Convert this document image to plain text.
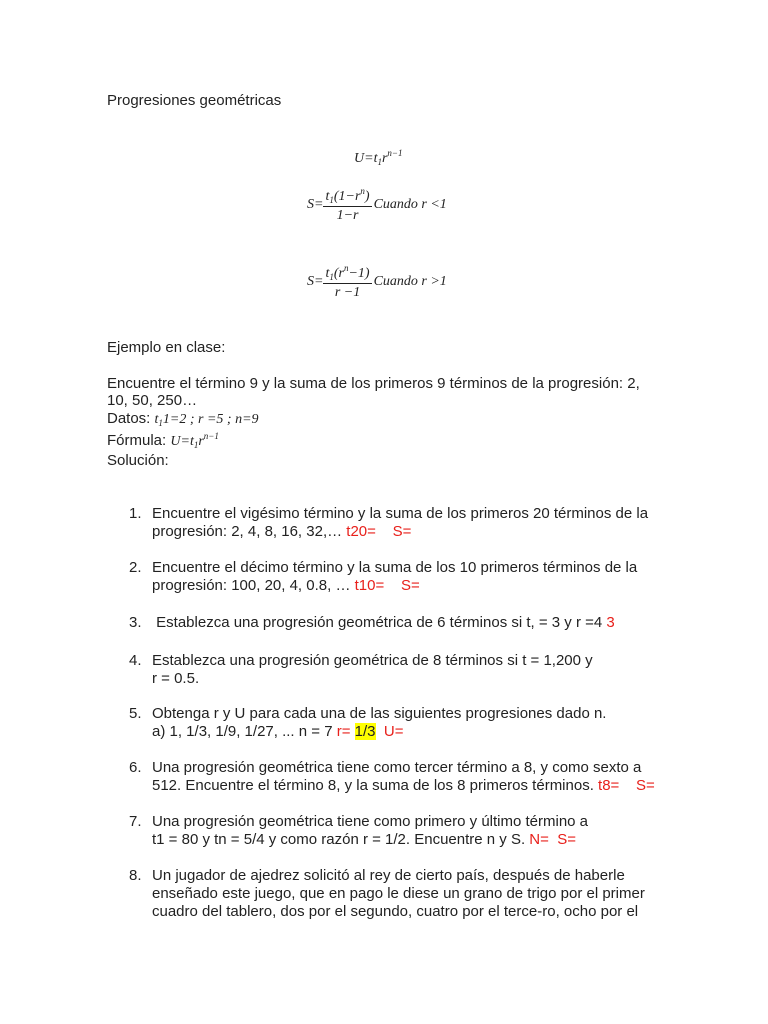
Progresiones geométricas
$U=t_1r^{n-1}$
$S= \frac{t_1(1-r^n)}{1-r}$ Cuando r <1
$S= \frac{t_1(r^n-1)}{r -1}$ Cuando r >1
Ejemplo en clase:
Encuentre el término 9 y la suma de los primeros 9 términos de la progresión: 2,
10, 50, 250…
Datos: $t_11=2$ ; r =5 ; n=9
Fórmula: $U=t_1r^{n-1}$
Solución:
1. Encuentre el vigésimo término y la suma de los primeros 20 términos de la
progresión: 2, 4, 8, 16, 32,… t20= S=
2. Encuentre el décimo término y la suma de los 10 primeros términos de la
progresión: 100, 20, 4, 0.8, … t10= S=
3. Establezca una progresión geométrica de 6 términos si t, = 3 y r =4 3
4. Establezca una progresión geométrica de 8 términos si t = 1,200 y
r = 0.5.
5. Obtenga r y U para cada una de las siguientes progresiones dado n.
a) 1, 1/3, 1/9, 1/27, ... n = 7 r= 1/3 U=
6. Una progresión geométrica tiene como tercer término a 8, y como sexto a
512. Encuentre el término 8, y la suma de los 8 primeros términos. t8= S=
7. Una progresión geométrica tiene como primero y último término a
t1 = 80 y tn = 5/4 y como razón r = 1/2. Encuentre n y S. N= S=
8. Un jugador de ajedrez solicitó al rey de cierto país, después de haberle
enseñado este juego, que en pago le diese un grano de trigo por el primer
cuadro del tablero, dos por el segundo, cuatro por el terce-ro, ocho por el
